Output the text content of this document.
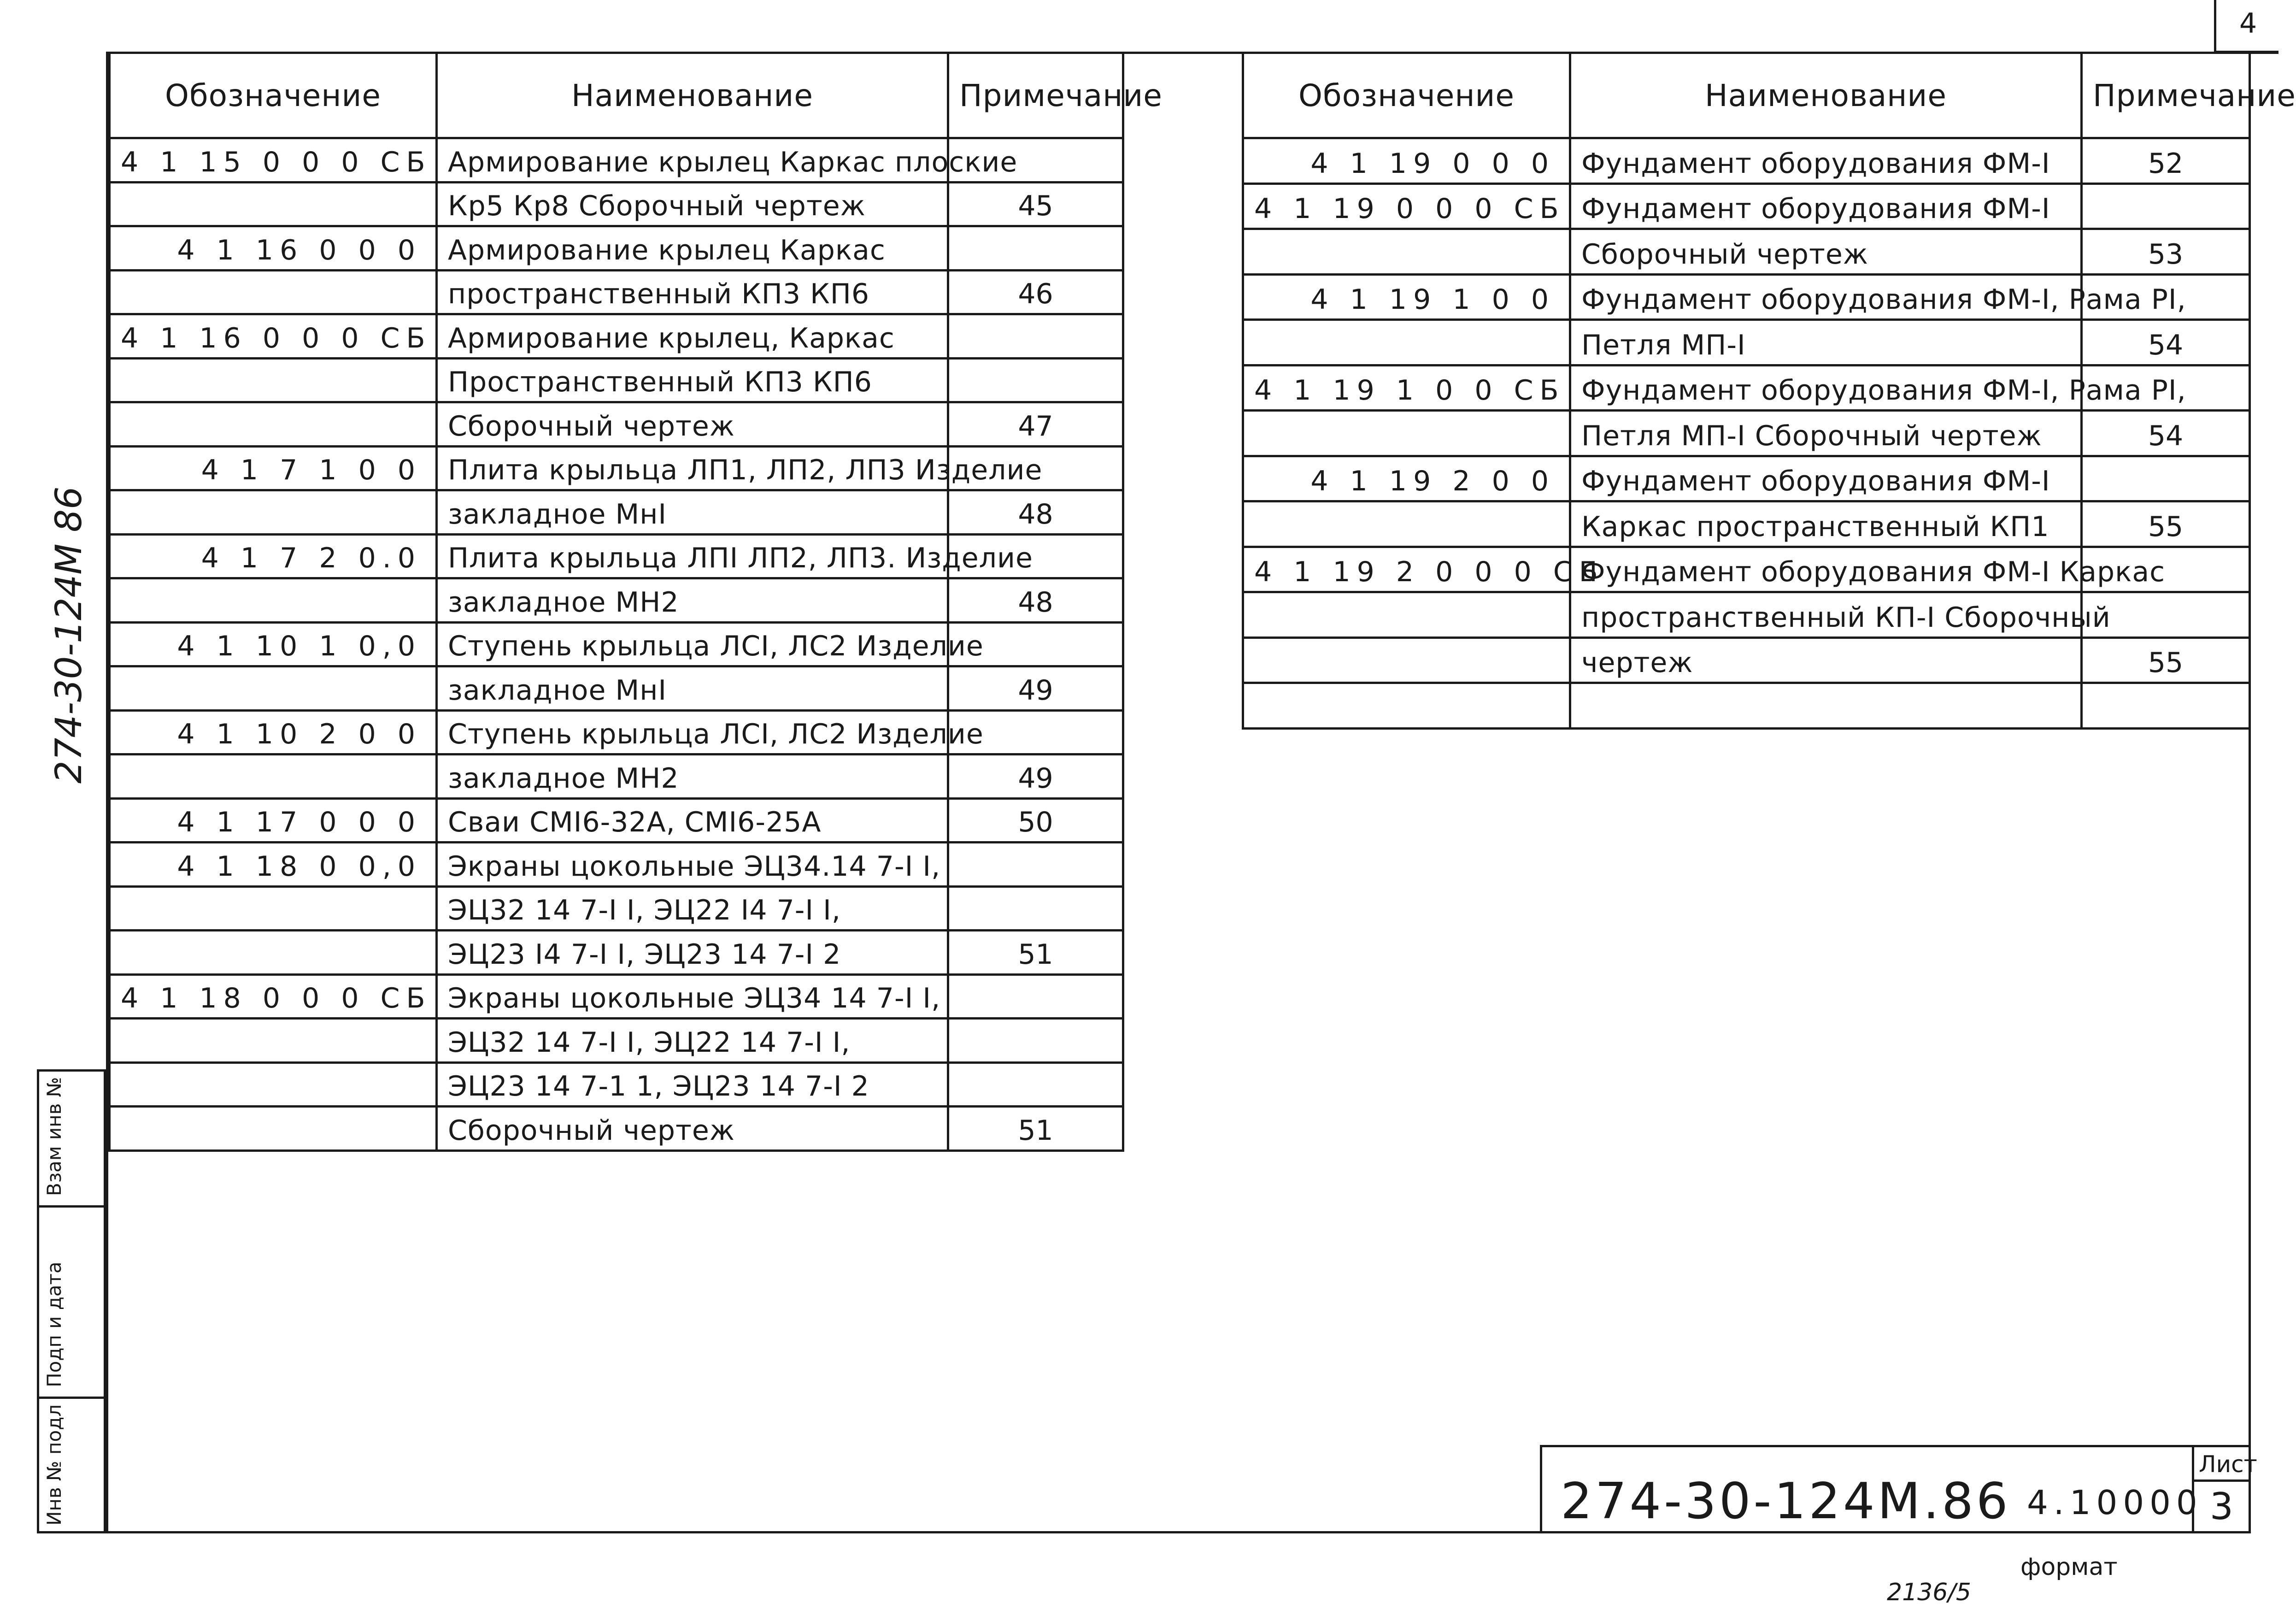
4
Обозначение	Наименование	Примечание
4 1 15 0 0 0 СБ	Армирование крылец Каркас плоские	
	Кр5 Кр8 Сборочный чертеж	45
4 1 16 0 0 0	Армирование крылец Каркас	
	пространственный КП3 КП6	46
4 1 16 0 0 0 СБ	Армирование крылец, Каркас	
	Пространственный КП3 КП6	
	Сборочный чертеж	47
4 1 7 1 0 0	Плита крыльца ЛП1, ЛП2, ЛП3 Изделие	
	закладное МнI	48
4 1 7 2 0.0	Плита крыльца ЛПI ЛП2, ЛП3. Изделие	
	закладное МН2	48
4 1 10 1 0,0	Ступень крыльца ЛСI, ЛС2 Изделие	
	закладное МнI	49
4 1 10 2 0 0	Ступень крыльца ЛСI, ЛС2 Изделие	
	закладное МН2	49
4 1 17 0 0 0	Сваи СМI6-32А, СМI6-25А	50
4 1 18 0 0,0	Экраны цокольные ЭЦ34.14 7-I I,	
	ЭЦ32 14 7-I I, ЭЦ22 I4 7-I I,	
	ЭЦ23 I4 7-I I, ЭЦ23 14 7-I 2	51
4 1 18 0 0 0 СБ	Экраны цокольные ЭЦ34 14 7-I I,	
	ЭЦ32 14 7-I I, ЭЦ22 14 7-I I,	
	ЭЦ23 14 7-1 1, ЭЦ23 14 7-I 2	
	Сборочный чертеж	51
Обозначение	Наименование	Примечание
4 1 19 0 0 0	Фундамент оборудования ФМ-I	52
4 1 19 0 0 0 СБ	Фундамент оборудования ФМ-I	
	Сборочный чертеж	53
4 1 19 1 0 0	Фундамент оборудования ФМ-I, Рама РI,	
	Петля МП-I	54
4 1 19 1 0 0 СБ	Фундамент оборудования ФМ-I, Рама РI,	
	Петля МП-I Сборочный чертеж	54
4 1 19 2 0 0	Фундамент оборудования ФМ-I	
	Каркас пространственный КП1	55
4 1 19 2 0 0 0 СБ	Фундамент оборудования ФМ-I Каркас	
	пространственный КП-I Сборочный	
	чертеж	55

274-30-124М 86
Взам инв №
Подп и дата
Инв № подл	274-30-124М.86 4.10000
Лист
3
формат
2136/5
